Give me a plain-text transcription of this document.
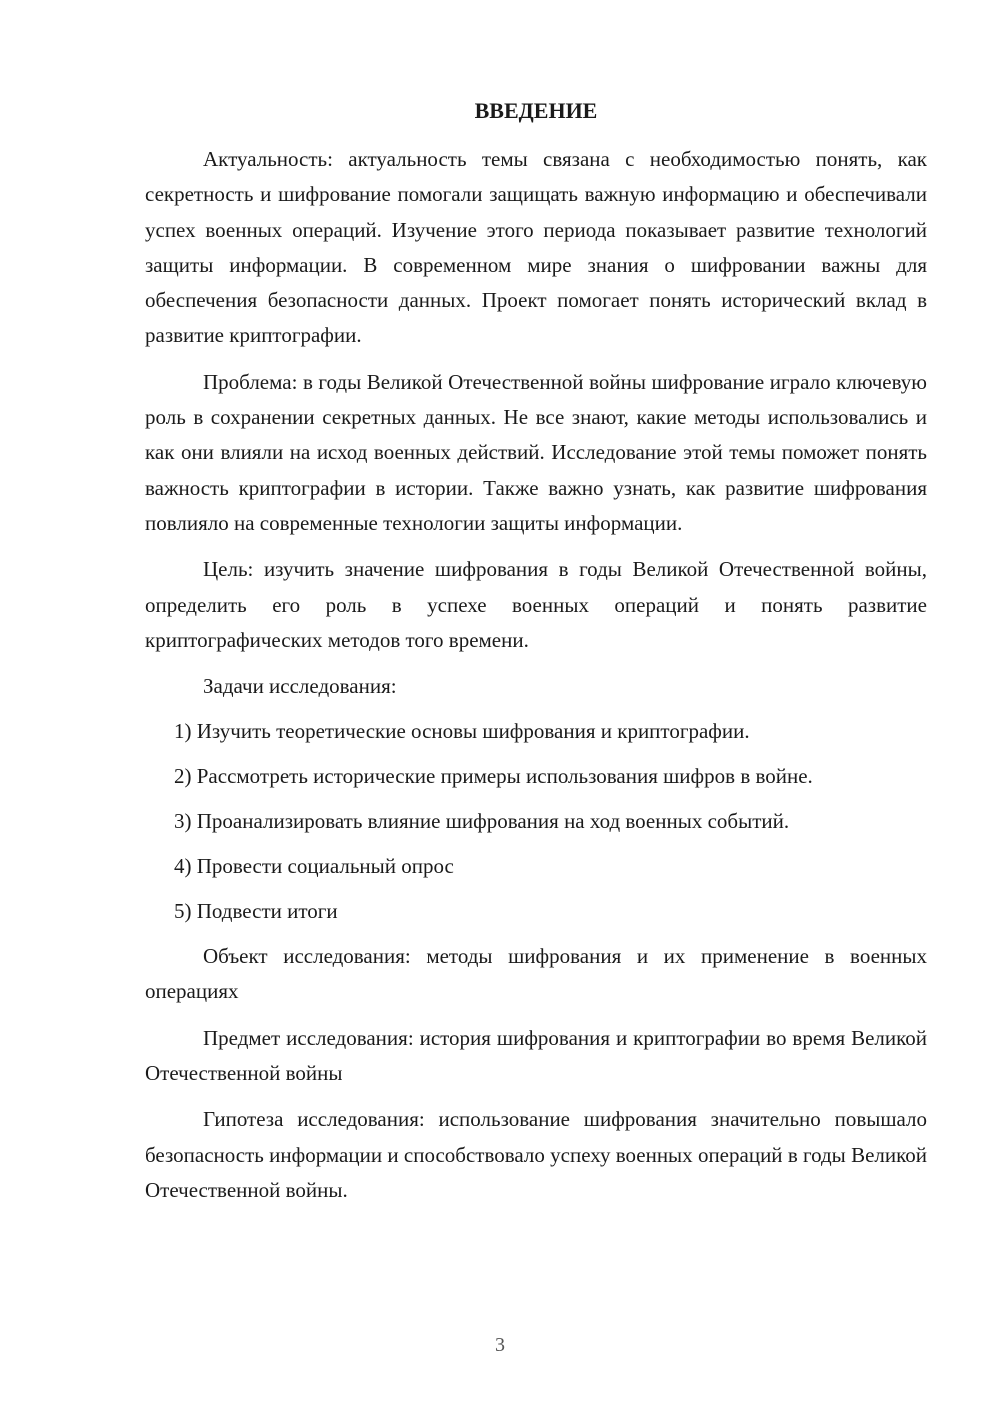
ВВЕДЕНИЕ

Актуальность: актуальность темы связана с необходимостью понять, как секретность и шифрование помогали защищать важную информацию и обеспечивали успех военных операций. Изучение этого периода показывает развитие технологий защиты информации. В современном мире знания о шифровании важны для обеспечения безопасности данных. Проект помогает понять исторический вклад в развитие криптографии.

Проблема: в годы Великой Отечественной войны шифрование играло ключевую роль в сохранении секретных данных. Не все знают, какие методы использовались и как они влияли на исход военных действий. Исследование этой темы поможет понять важность криптографии в истории. Также важно узнать, как развитие шифрования повлияло на современные технологии защиты информации.

Цель: изучить значение шифрования в годы Великой Отечественной войны, определить его роль в успехе военных операций и понять развитие криптографических методов того времени.

Задачи исследования:
1) Изучить теоретические основы шифрования и криптографии.
2) Рассмотреть исторические примеры использования шифров в войне.
3) Проанализировать влияние шифрования на ход военных событий.
4) Провести социальный опрос
5) Подвести итоги

Объект исследования: методы шифрования и их применение в военных операциях

Предмет исследования: история шифрования и криптографии во время Великой Отечественной войны

Гипотеза исследования: использование шифрования значительно повышало безопасность информации и способствовало успеху военных операций в годы Великой Отечественной войны.

3
